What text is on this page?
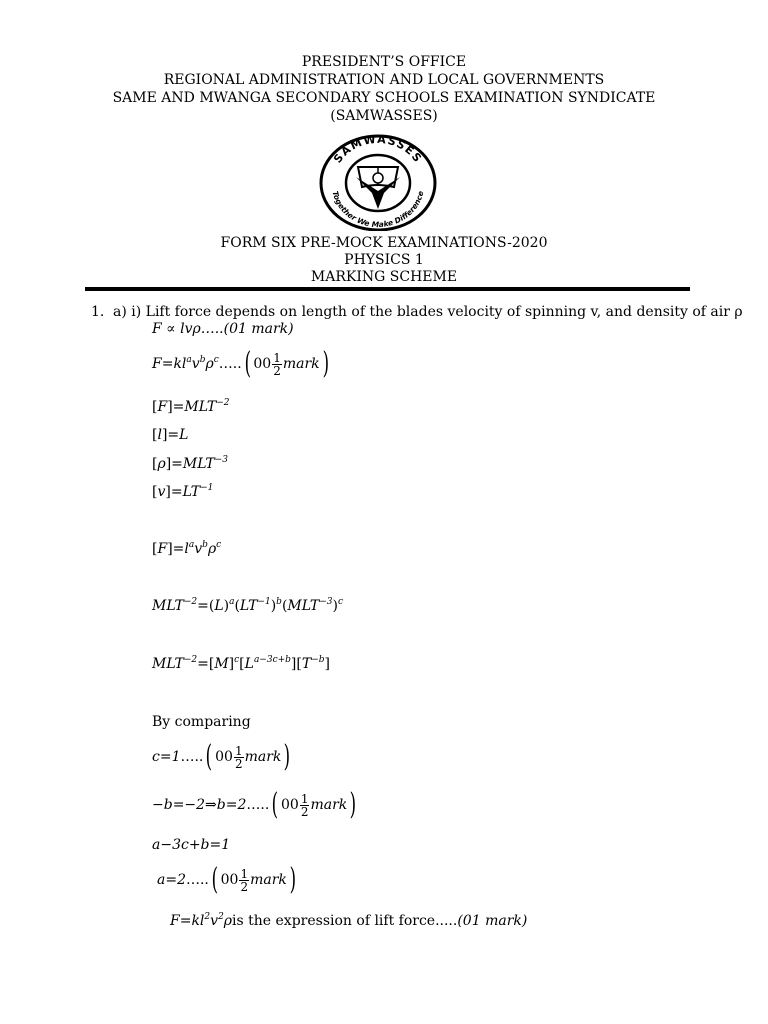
PRESIDENT’S OFFICE
REGIONAL ADMINISTRATION AND LOCAL GOVERNMENTS
SAME AND MWANGA SECONDARY SCHOOLS EXAMINATION SYNDICATE
(SAMWASSES)
SAMWASSES
Together We Make Difference
FORM SIX PRE-MOCK EXAMINATIONS-2020
PHYSICS 1
MARKING SCHEME
1. a) i) Lift force depends on length of the blades velocity of spinning v, and density of air ρ
F ∝ lvρ…..(01 mark)
$F=kl^av^b\rho^c\dots$..( $00 \frac{1}{2}$ mark)
$[F]=MLT^{-2}$
[l]=L
$[\rho]=MLT^{-3}$
$[v]=LT^{-1}$
$[F]=l^av^b\rho^c$
$MLT^{-2}=(L)^a(LT^{-1})^b(MLT^{-3})^c$
$MLT^{-2}=[M]^c[L^{a-3c+b}][T^{-b}]$
By comparing
c=1…..( $00 \frac{1}{2}$ mark)
−b=−2⇒b=2…..( $00 \frac{1}{2}$ mark)
a−3c+b=1
a=2…..( $00 \frac{1}{2}$ mark)
$F=kl^2v^2\rho is$ the expression of lift force.....(01 mark)
